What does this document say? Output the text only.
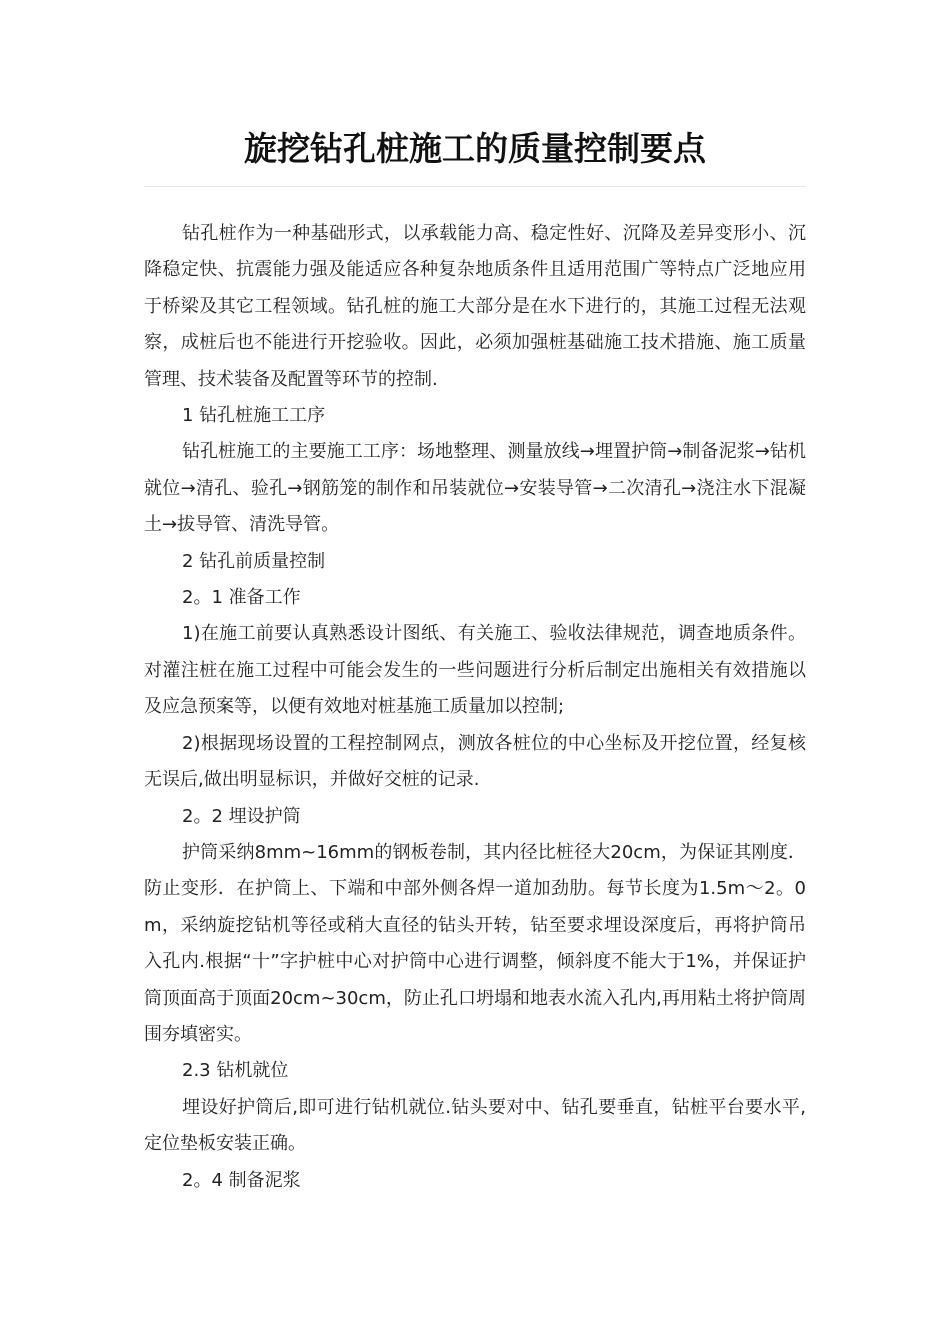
旋挖钻孔桩施工的质量控制要点

钻孔桩作为一种基础形式，以承载能力高、稳定性好、沉降及差异变形小、沉降稳定快、抗震能力强及能适应各种复杂地质条件且适用范围广等特点广泛地应用于桥梁及其它工程领域。钻孔桩的施工大部分是在水下进行的，其施工过程无法观察，成桩后也不能进行开挖验收。因此，必须加强桩基础施工技术措施、施工质量管理、技术装备及配置等环节的控制.

1 钻孔桩施工工序

钻孔桩施工的主要施工工序：场地整理、测量放线→埋置护筒→制备泥浆→钻机就位→清孔、验孔→钢筋笼的制作和吊装就位→安装导管→二次清孔→浇注水下混凝土→拔导管、清洗导管。

2 钻孔前质量控制

2。1 准备工作

1)在施工前要认真熟悉设计图纸、有关施工、验收法律规范，调查地质条件。对灌注桩在施工过程中可能会发生的一些问题进行分析后制定出施相关有效措施以及应急预案等，以便有效地对桩基施工质量加以控制;

2)根据现场设置的工程控制网点，测放各桩位的中心坐标及开挖位置，经复核无误后,做出明显标识，并做好交桩的记录.

2。2 埋设护筒

护筒采纳8mm~16mm的钢板卷制，其内径比桩径大20cm，为保证其刚度．防止变形．在护筒上、下端和中部外侧各焊一道加劲肋。每节长度为1.5m～2。0m，采纳旋挖钻机等径或稍大直径的钻头开转，钻至要求埋设深度后，再将护筒吊入孔内.根据“十”字护桩中心对护筒中心进行调整，倾斜度不能大于1%，并保证护筒顶面高于顶面20cm~30cm，防止孔口坍塌和地表水流入孔内,再用粘土将护筒周围夯填密实。

2.3 钻机就位

埋设好护筒后,即可进行钻机就位.钻头要对中、钻孔要垂直，钻桩平台要水平,定位垫板安装正确。

2。4 制备泥浆
